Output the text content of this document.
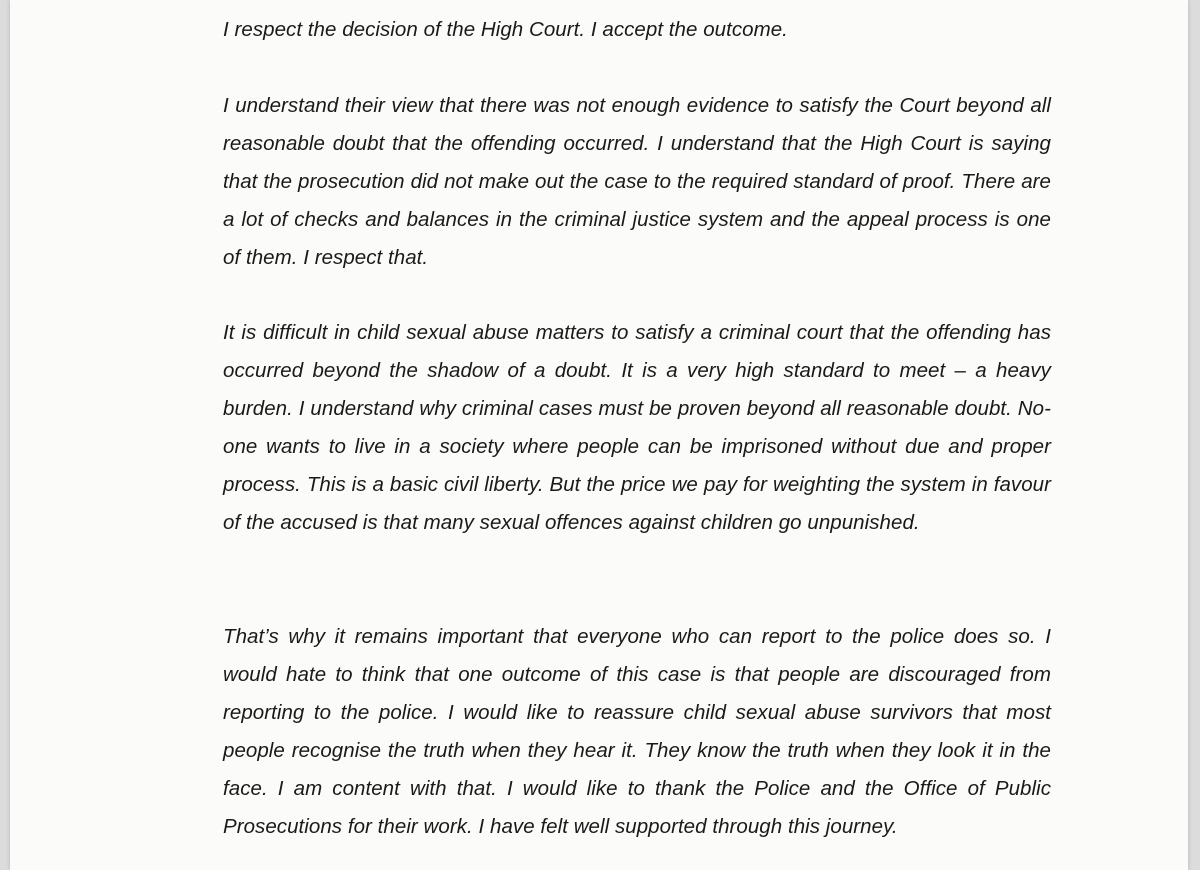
I respect the decision of the High Court. I accept the outcome.

I understand their view that there was not enough evidence to satisfy the Court beyond all reasonable doubt that the offending occurred. I understand that the High Court is saying that the prosecution did not make out the case to the required standard of proof. There are a lot of checks and balances in the criminal justice system and the appeal process is one of them. I respect that.

It is difficult in child sexual abuse matters to satisfy a criminal court that the offending has occurred beyond the shadow of a doubt. It is a very high standard to meet – a heavy burden. I understand why criminal cases must be proven beyond all reasonable doubt. No-one wants to live in a society where people can be imprisoned without due and proper process. This is a basic civil liberty. But the price we pay for weighting the system in favour of the accused is that many sexual offences against children go unpunished.

That’s why it remains important that everyone who can report to the police does so. I would hate to think that one outcome of this case is that people are discouraged from reporting to the police. I would like to reassure child sexual abuse survivors that most people recognise the truth when they hear it. They know the truth when they look it in the face. I am content with that. I would like to thank the Police and the Office of Public Prosecutions for their work. I have felt well supported through this journey.
